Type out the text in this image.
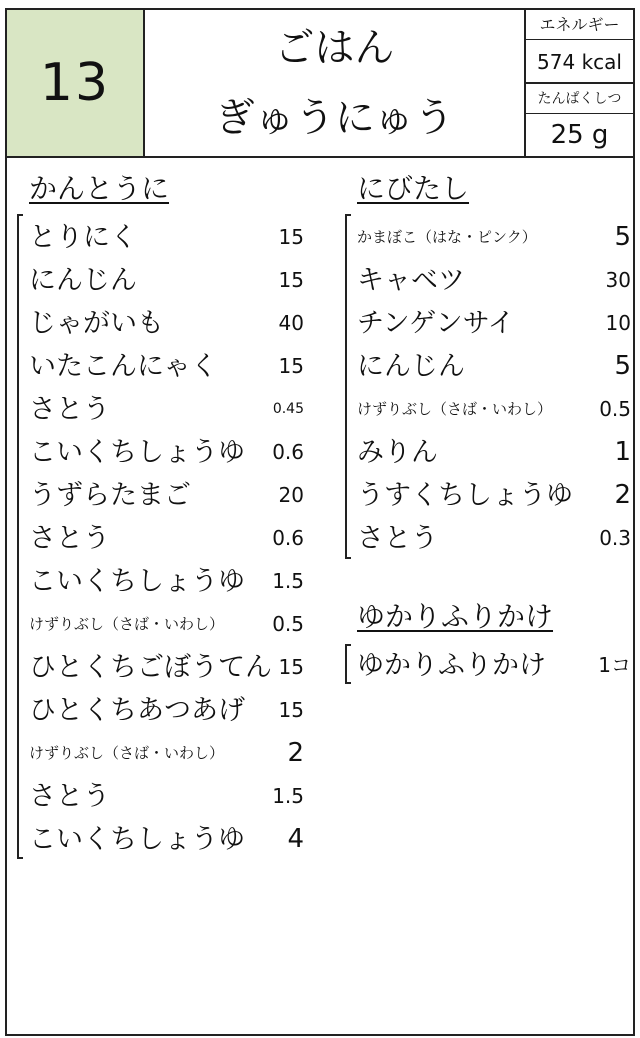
13
ごはん
ぎゅうにゅう
エネルギー
574 kcal
たんぱくしつ
25 g
かんとうに
とりにく	15
にんじん	15
じゃがいも	40
いたこんにゃく	15
さとう	0.45
こいくちしょうゆ 0.6
うずらたまご	20
さとう	0.6
こいくちしょうゆ 1.5
けずりぶし（さば・いわし） 0.5
ひとくちごぼうてん 15
ひとくちあつあげ 15
けずりぶし（さば・いわし） 2
さとう	1.5
こいくちしょうゆ 4
にびたし
かまぼこ（はな・ピンク）	5
キャベツ	30
チンゲンサイ	10
にんじん	5
けずりぶし（さば・いわし） 0.5
みりん	1
うすくちしょうゆ 2
さとう	0.3
ゆかりふりかけ
ゆかりふりかけ	1コ
